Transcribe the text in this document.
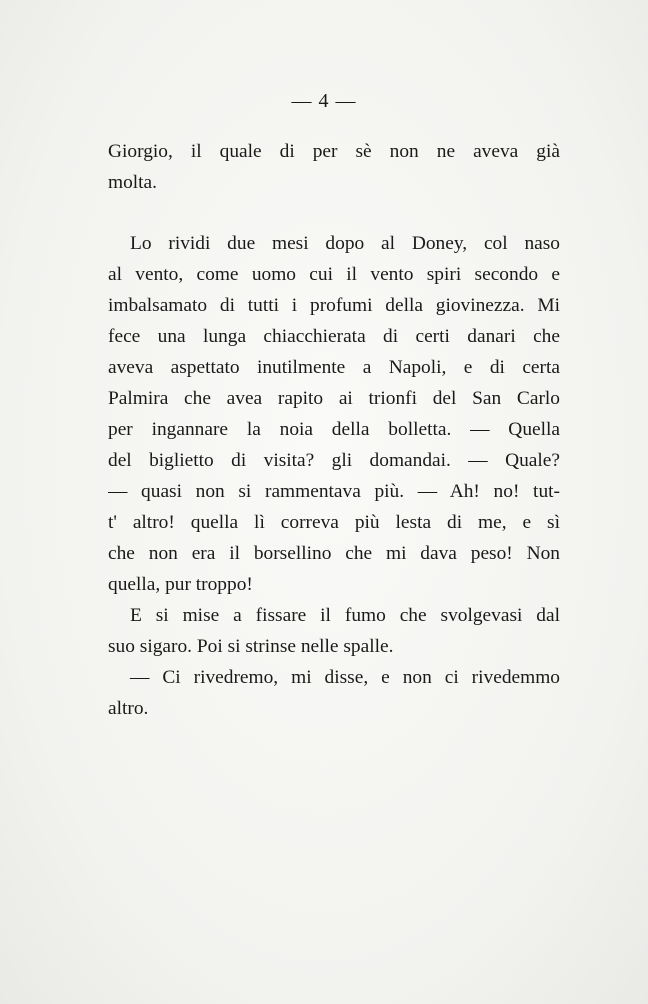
— 4 —
Giorgio, il quale di per sè non ne aveva già
molta.
Lo rividi due mesi dopo al Doney, col naso
al vento, come uomo cui il vento spiri secondo e
imbalsamato di tutti i profumi della giovinezza. Mi
fece una lunga chiacchierata di certi danari che
aveva aspettato inutilmente a Napoli, e di certa
Palmira che avea rapito ai trionfi del San Carlo
per ingannare la noia della bolletta. — Quella
del biglietto di visita? gli domandai. — Quale?
— quasi non si rammentava più. — Ah! no! tut-
t' altro! quella lì correva più lesta di me, e sì
che non era il borsellino che mi dava peso! Non
quella, pur troppo!
E si mise a fissare il fumo che svolgevasi dal
suo sigaro. Poi si strinse nelle spalle.
— Ci rivedremo, mi disse, e non ci rivedemmo
altro.
